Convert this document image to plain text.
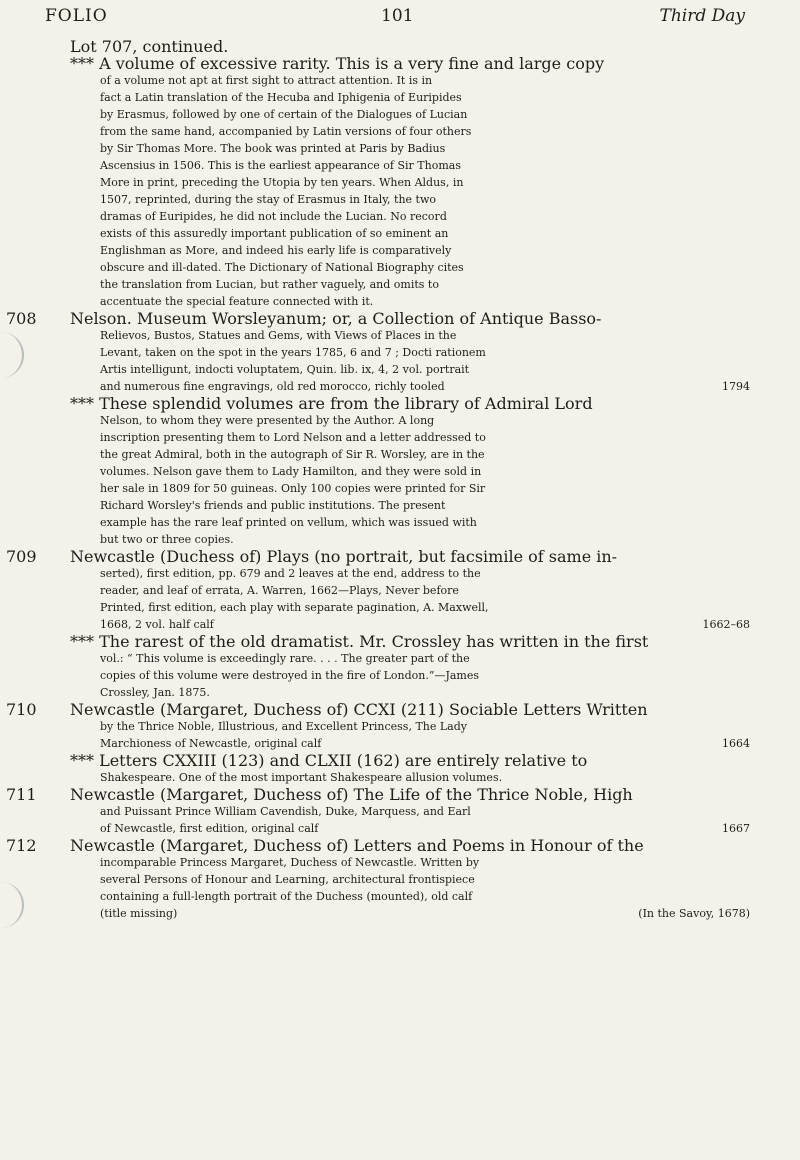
FOLIO	101	Third Day
Lot 707, continued.
*** A volume of excessive rarity. This is a very fine and large copy
of a volume not apt at first sight to attract attention. It is in
fact a Latin translation of the Hecuba and Iphigenia of Euripides
by Erasmus, followed by one of certain of the Dialogues of Lucian
from the same hand, accompanied by Latin versions of four others
by Sir Thomas More. The book was printed at Paris by Badius
Ascensius in 1506. This is the earliest appearance of Sir Thomas
More in print, preceding the Utopia by ten years. When Aldus, in
1507, reprinted, during the stay of Erasmus in Italy, the two
dramas of Euripides, he did not include the Lucian. No record
exists of this assuredly important publication of so eminent an
Englishman as More, and indeed his early life is comparatively
obscure and ill-dated. The Dictionary of National Biography cites
the translation from Lucian, but rather vaguely, and omits to
accentuate the special feature connected with it.
708 Nelson. Museum Worsleyanum; or, a Collection of Antique Basso-
Relievos, Bustos, Statues and Gems, with Views of Places in the
Levant, taken on the spot in the years 1785, 6 and 7 ; Docti rationem
Artis intelligunt, indocti voluptatem, Quin. lib. ix, 4, 2 vol. portrait
and numerous fine engravings, old red morocco, richly tooled	1794
*** These splendid volumes are from the library of Admiral Lord
Nelson, to whom they were presented by the Author. A long
inscription presenting them to Lord Nelson and a letter addressed to
the great Admiral, both in the autograph of Sir R. Worsley, are in the
volumes. Nelson gave them to Lady Hamilton, and they were sold in
her sale in 1809 for 50 guineas. Only 100 copies were printed for Sir
Richard Worsley's friends and public institutions. The present
example has the rare leaf printed on vellum, which was issued with
but two or three copies.
709 Newcastle (Duchess of) Plays (no portrait, but facsimile of same in-
serted), first edition, pp. 679 and 2 leaves at the end, address to the
reader, and leaf of errata, A. Warren, 1662—Plays, Never before
Printed, first edition, each play with separate pagination, A. Maxwell,
1668, 2 vol. half calf	1662–68
*** The rarest of the old dramatist. Mr. Crossley has written in the first
vol.: “ This volume is exceedingly rare. . . . The greater part of the
copies of this volume were destroyed in the fire of London.”—James
Crossley, Jan. 1875.
710 Newcastle (Margaret, Duchess of) CCXI (211) Sociable Letters Written
by the Thrice Noble, Illustrious, and Excellent Princess, The Lady
Marchioness of Newcastle, original calf	1664
*** Letters CXXIII (123) and CLXII (162) are entirely relative to
Shakespeare. One of the most important Shakespeare allusion volumes.
711 Newcastle (Margaret, Duchess of) The Life of the Thrice Noble, High
and Puissant Prince William Cavendish, Duke, Marquess, and Earl
of Newcastle, first edition, original calf	1667
712 Newcastle (Margaret, Duchess of) Letters and Poems in Honour of the
incomparable Princess Margaret, Duchess of Newcastle. Written by
several Persons of Honour and Learning, architectural frontispiece
containing a full-length portrait of the Duchess (mounted), old calf
(title missing)	(In the Savoy, 1678)
